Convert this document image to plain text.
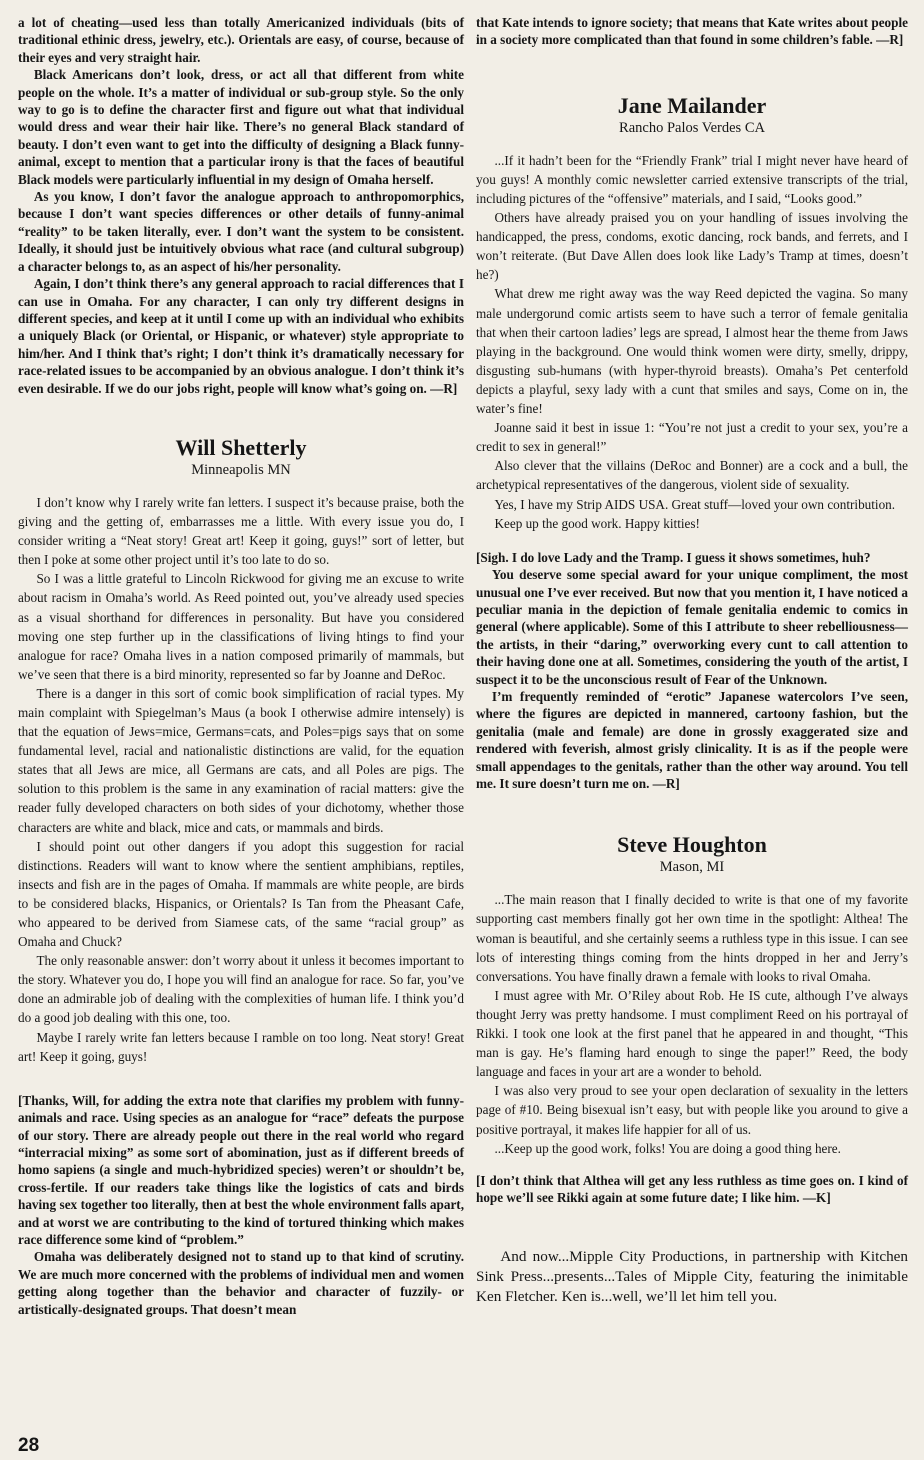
a lot of cheating—used less than totally Americanized individuals (bits of traditional ethinic dress, jewelry, etc.). Orientals are easy, of course, because of their eyes and very straight hair.

Black Americans don’t look, dress, or act all that different from white people on the whole. It’s a matter of individual or sub-group style. So the only way to go is to define the character first and figure out what that individual would dress and wear their hair like. There’s no general Black standard of beauty. I don’t even want to get into the difficulty of designing a Black funny-animal, except to mention that a particular irony is that the faces of beautiful Black models were particularly influential in my design of Omaha herself.

As you know, I don’t favor the analogue approach to anthropomorphics, because I don’t want species differences or other details of funny-animal “reality” to be taken literally, ever. I don’t want the system to be consistent. Ideally, it should just be intuitively obvious what race (and cultural subgroup) a character belongs to, as an aspect of his/her personality.

Again, I don’t think there’s any general approach to racial differences that I can use in Omaha. For any character, I can only try different designs in different species, and keep at it until I come up with an individual who exhibits a uniquely Black (or Oriental, or Hispanic, or whatever) style appropriate to him/her. And I think that’s right; I don’t think it’s dramatically necessary for race-related issues to be accompanied by an obvious analogue. I don’t think it’s even desirable. If we do our jobs right, people will know what’s going on. —R]

Will Shetterly
Minneapolis MN

I don’t know why I rarely write fan letters. I suspect it’s because praise, both the giving and the getting of, embarrasses me a little. With every issue you do, I consider writing a “Neat story! Great art! Keep it going, guys!” sort of letter, but then I poke at some other project until it’s too late to do so.

So I was a little grateful to Lincoln Rickwood for giving me an excuse to write about racism in Omaha’s world. As Reed pointed out, you’ve already used species as a visual shorthand for differences in personality. But have you considered moving one step further up in the classifications of living htings to find your analogue for race? Omaha lives in a nation composed primarily of mammals, but we’ve seen that there is a bird minority, represented so far by Joanne and DeRoc.

There is a danger in this sort of comic book simplification of racial types. My main complaint with Spiegelman’s Maus (a book I otherwise admire intensely) is that the equation of Jews=mice, Germans=cats, and Poles=pigs says that on some fundamental level, racial and nationalistic distinctions are valid, for the equation states that all Jews are mice, all Germans are cats, and all Poles are pigs. The solution to this problem is the same in any examination of racial matters: give the reader fully developed characters on both sides of your dichotomy, whether those characters are white and black, mice and cats, or mammals and birds.

I should point out other dangers if you adopt this suggestion for racial distinctions. Readers will want to know where the sentient amphibians, reptiles, insects and fish are in the pages of Omaha. If mammals are white people, are birds to be considered blacks, Hispanics, or Orientals? Is Tan from the Pheasant Cafe, who appeared to be derived from Siamese cats, of the same “racial group” as Omaha and Chuck?

The only reasonable answer: don’t worry about it unless it becomes important to the story. Whatever you do, I hope you will find an analogue for race. So far, you’ve done an admirable job of dealing with the complexities of human life. I think you’d do a good job dealing with this one, too.

Maybe I rarely write fan letters because I ramble on too long. Neat story! Great art! Keep it going, guys!

[Thanks, Will, for adding the extra note that clarifies my problem with funny-animals and race. Using species as an analogue for “race” defeats the purpose of our story. There are already people out there in the real world who regard “interracial mixing” as some sort of abomination, just as if different breeds of homo sapiens (a single and much-hybridized species) weren’t or shouldn’t be, cross-fertile. If our readers take things like the logistics of cats and birds having sex together too literally, then at best the whole environment falls apart, and at worst we are contributing to the kind of tortured thinking which makes race difference some kind of “problem.”

Omaha was deliberately designed not to stand up to that kind of scrutiny. We are much more concerned with the problems of individual men and women getting along together than the behavior and character of fuzzily- or artistically-designated groups. That doesn’t mean

that Kate intends to ignore society; that means that Kate writes about people in a society more complicated than that found in some children’s fable. —R]

Jane Mailander
Rancho Palos Verdes CA

...If it hadn’t been for the “Friendly Frank” trial I might never have heard of you guys! A monthly comic newsletter carried extensive transcripts of the trial, including pictures of the “offensive” materials, and I said, “Looks good.”

Others have already praised you on your handling of issues involving the handicapped, the press, condoms, exotic dancing, rock bands, and ferrets, and I won’t reiterate. (But Dave Allen does look like Lady’s Tramp at times, doesn’t he?)

What drew me right away was the way Reed depicted the vagina. So many male undergorund comic artists seem to have such a terror of female genitalia that when their cartoon ladies’ legs are spread, I almost hear the theme from Jaws playing in the background. One would think women were dirty, smelly, drippy, disgusting sub-humans (with hyper-thyroid breasts). Omaha’s Pet centerfold depicts a playful, sexy lady with a cunt that smiles and says, Come on in, the water’s fine!

Joanne said it best in issue 1: “You’re not just a credit to your sex, you’re a credit to sex in general!”

Also clever that the villains (DeRoc and Bonner) are a cock and a bull, the archetypical representatives of the dangerous, violent side of sexuality.

Yes, I have my Strip AIDS USA. Great stuff—loved your own contribution.

Keep up the good work. Happy kitties!

[Sigh. I do love Lady and the Tramp. I guess it shows sometimes, huh?

You deserve some special award for your unique compliment, the most unusual one I’ve ever received. But now that you mention it, I have noticed a peculiar mania in the depiction of female genitalia endemic to comics in general (where applicable). Some of this I attribute to sheer rebelliousness—the artists, in their “daring,” overworking every cunt to call attention to their having done one at all. Sometimes, considering the youth of the artist, I suspect it to be the unconscious result of Fear of the Unknown.

I’m frequently reminded of “erotic” Japanese watercolors I’ve seen, where the figures are depicted in mannered, cartoony fashion, but the genitalia (male and female) are done in grossly exaggerated size and rendered with feverish, almost grisly clinicality. It is as if the people were small appendages to the genitals, rather than the other way around. You tell me. It sure doesn’t turn me on. —R]

Steve Houghton
Mason, MI

...The main reason that I finally decided to write is that one of my favorite supporting cast members finally got her own time in the spotlight: Althea! The woman is beautiful, and she certainly seems a ruthless type in this issue. I can see lots of interesting things coming from the hints dropped in her and Jerry’s conversations. You have finally drawn a female with looks to rival Omaha.

I must agree with Mr. O’Riley about Rob. He IS cute, although I’ve always thought Jerry was pretty handsome. I must compliment Reed on his portrayal of Rikki. I took one look at the first panel that he appeared in and thought, “This man is gay. He’s flaming hard enough to singe the paper!” Reed, the body language and faces in your art are a wonder to behold.

I was also very proud to see your open declaration of sexuality in the letters page of #10. Being bisexual isn’t easy, but with people like you around to give a positive portrayal, it makes life happier for all of us.

...Keep up the good work, folks! You are doing a good thing here.

[I don’t think that Althea will get any less ruthless as time goes on. I kind of hope we’ll see Rikki again at some future date; I like him. —K]

And now...Mipple City Productions, in partnership with Kitchen Sink Press...presents...Tales of Mipple City, featuring the inimitable Ken Fletcher. Ken is...well, we’ll let him tell you.

28
